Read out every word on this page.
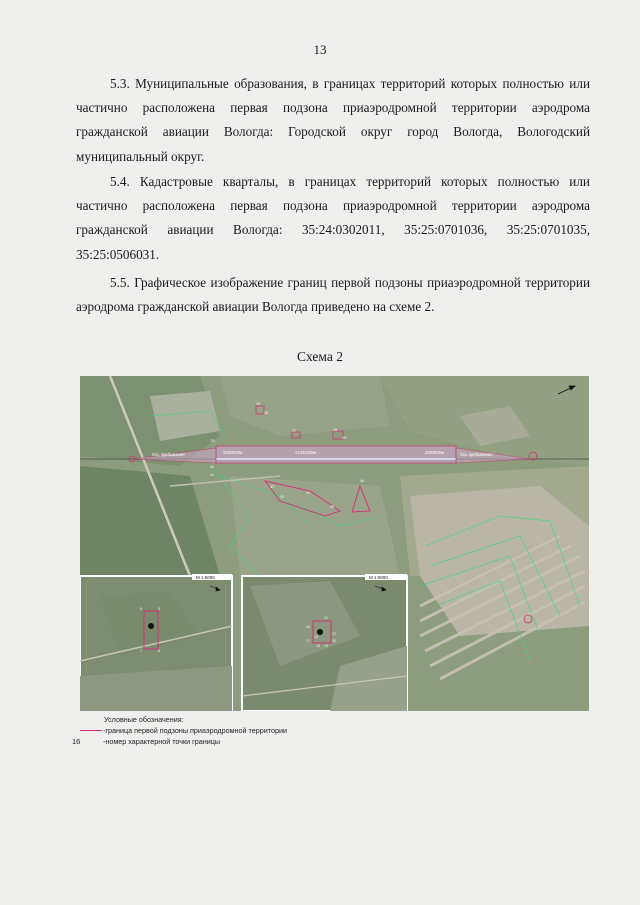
13

5.3. Муниципальные образования, в границах территорий которых полностью или частично расположена первая подзона приаэродромной территории аэродрома гражданской авиации Вологда: Городской округ город Вологда, Вологодский муниципальный округ.

5.4. Кадастровые кварталы, в границах территорий которых полностью или частично расположена первая подзона приаэродромной территории аэродрома гражданской авиации Вологда: 35:24:0302011, 35:25:0701036, 35:25:0701035, 35:25:0506031.

5.5. Графическое изображение границ первой подзоны приаэродромной территории аэродрома гражданской авиации Вологда приведено на схеме 2.

Схема 2
320х600м	2140х300м	320х600м
Ось прибывания	Ось прибывания
25
26
27	28
29
31
40
41
42
43
44
45
46
М 1:5000
5
6
7
8
М 1:5000
21
16
22
17
18 19
20
15
Условные обозначения:
-граница первой подзоны приаэродромной территории
16	-номер характерной точки границы
